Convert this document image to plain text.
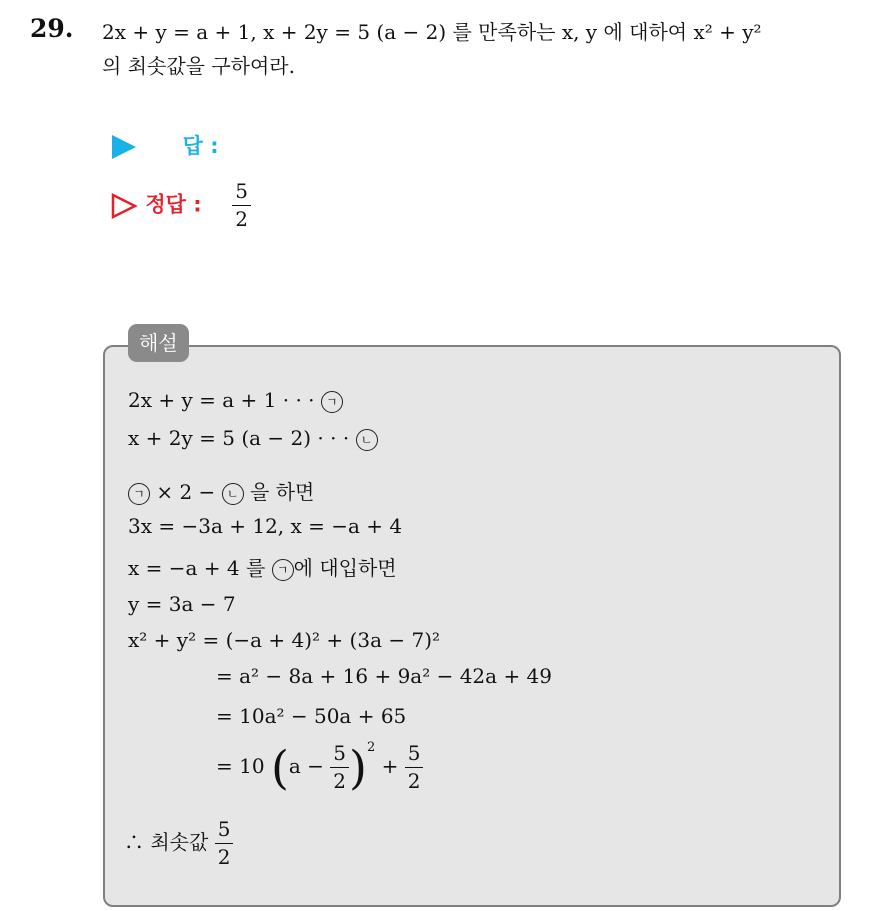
29. 2x + y = a + 1, x + 2y = 5 (a − 2) 를 만족하는 x, y 에 대하여 x² + y²
의 최솟값을 구하여라.
답 :
정답 : $\frac{5}{2}$
해설
2x + y = a + 1 · · · ㄱ
x + 2y = 5 (a − 2) · · · ㄴ
ㄱ × 2 − ㄴ 을 하면
3x = −3a + 12, x = −a + 4
x = −a + 4 를 ㄱ 에 대입하면
y = 3a − 7
x² + y² = (−a + 4)² + (3a − 7)²
= a² − 8a + 16 + 9a² − 42a + 49
= 10a² − 50a + 65
= 10 $(a - \frac{5}{2} )^2 + \frac{5}{2}$
∴ 최솟값 $\frac{5}{2}$
